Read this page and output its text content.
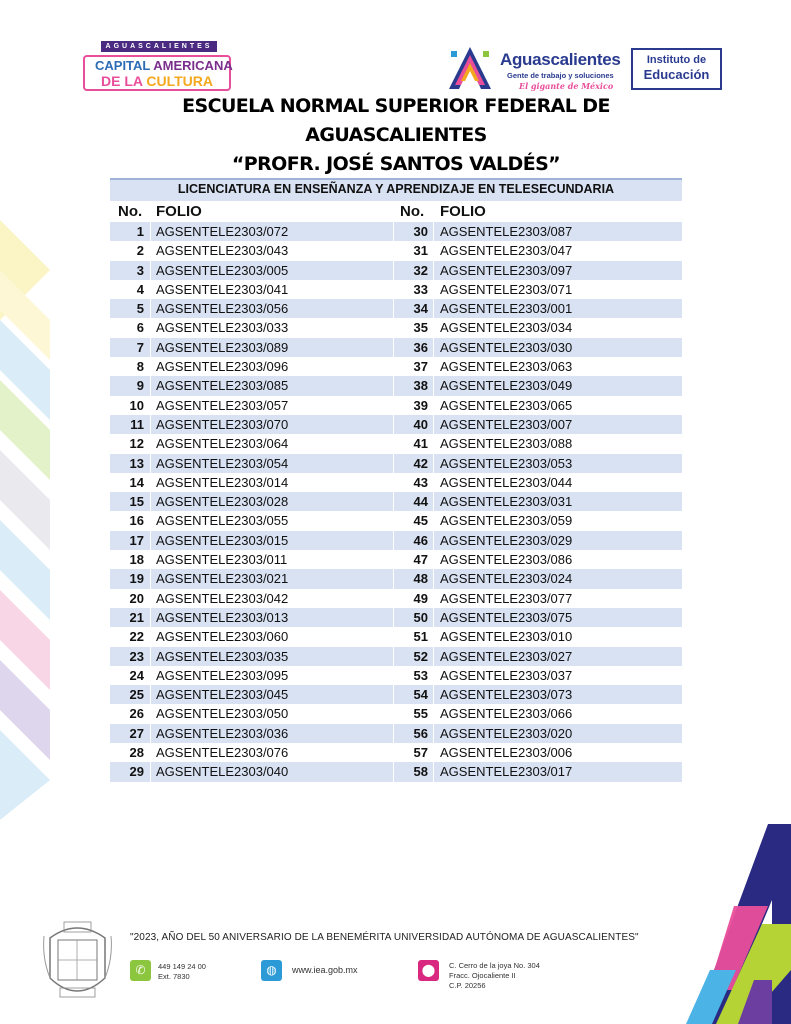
AGUASCALIENTES
CAPITAL AMERICANA
DE LA CULTURA
Aguascalientes
Gente de trabajo y soluciones
El gigante de México
Instituto de
Educación
ESCUELA NORMAL SUPERIOR FEDERAL DE
AGUASCALIENTES
“PROFR. JOSÉ SANTOS VALDÉS”
LICENCIATURA EN ENSEÑANZA Y APRENDIZAJE EN TELESECUNDARIA
No. FOLIO	No. FOLIO
1 AGSENTELE2303/072	30 AGSENTELE2303/087
2 AGSENTELE2303/043	31 AGSENTELE2303/047
3 AGSENTELE2303/005	32 AGSENTELE2303/097
4 AGSENTELE2303/041	33 AGSENTELE2303/071
5 AGSENTELE2303/056	34 AGSENTELE2303/001
6 AGSENTELE2303/033	35 AGSENTELE2303/034
7 AGSENTELE2303/089	36 AGSENTELE2303/030
8 AGSENTELE2303/096	37 AGSENTELE2303/063
9 AGSENTELE2303/085	38 AGSENTELE2303/049
10 AGSENTELE2303/057	39 AGSENTELE2303/065
11 AGSENTELE2303/070	40 AGSENTELE2303/007
12 AGSENTELE2303/064	41 AGSENTELE2303/088
13 AGSENTELE2303/054	42 AGSENTELE2303/053
14 AGSENTELE2303/014	43 AGSENTELE2303/044
15 AGSENTELE2303/028	44 AGSENTELE2303/031
16 AGSENTELE2303/055	45 AGSENTELE2303/059
17 AGSENTELE2303/015	46 AGSENTELE2303/029
18 AGSENTELE2303/011	47 AGSENTELE2303/086
19 AGSENTELE2303/021	48 AGSENTELE2303/024
20 AGSENTELE2303/042	49 AGSENTELE2303/077
21 AGSENTELE2303/013	50 AGSENTELE2303/075
22 AGSENTELE2303/060	51 AGSENTELE2303/010
23 AGSENTELE2303/035	52 AGSENTELE2303/027
24 AGSENTELE2303/095	53 AGSENTELE2303/037
25 AGSENTELE2303/045	54 AGSENTELE2303/073
26 AGSENTELE2303/050	55 AGSENTELE2303/066
27 AGSENTELE2303/036	56 AGSENTELE2303/020
28 AGSENTELE2303/076	57 AGSENTELE2303/006
29 AGSENTELE2303/040	58 AGSENTELE2303/017
"2023, AÑO DEL 50 ANIVERSARIO DE LA BENEMÉRITA UNIVERSIDAD AUTÓNOMA DE AGUASCALIENTES"
✆	449 149 24 00
Ext. 7830	◍	www.iea.gob.mx	⬤	C. Cerro de la joya No. 304
Fracc. Ojocaliente II
C.P. 20256
